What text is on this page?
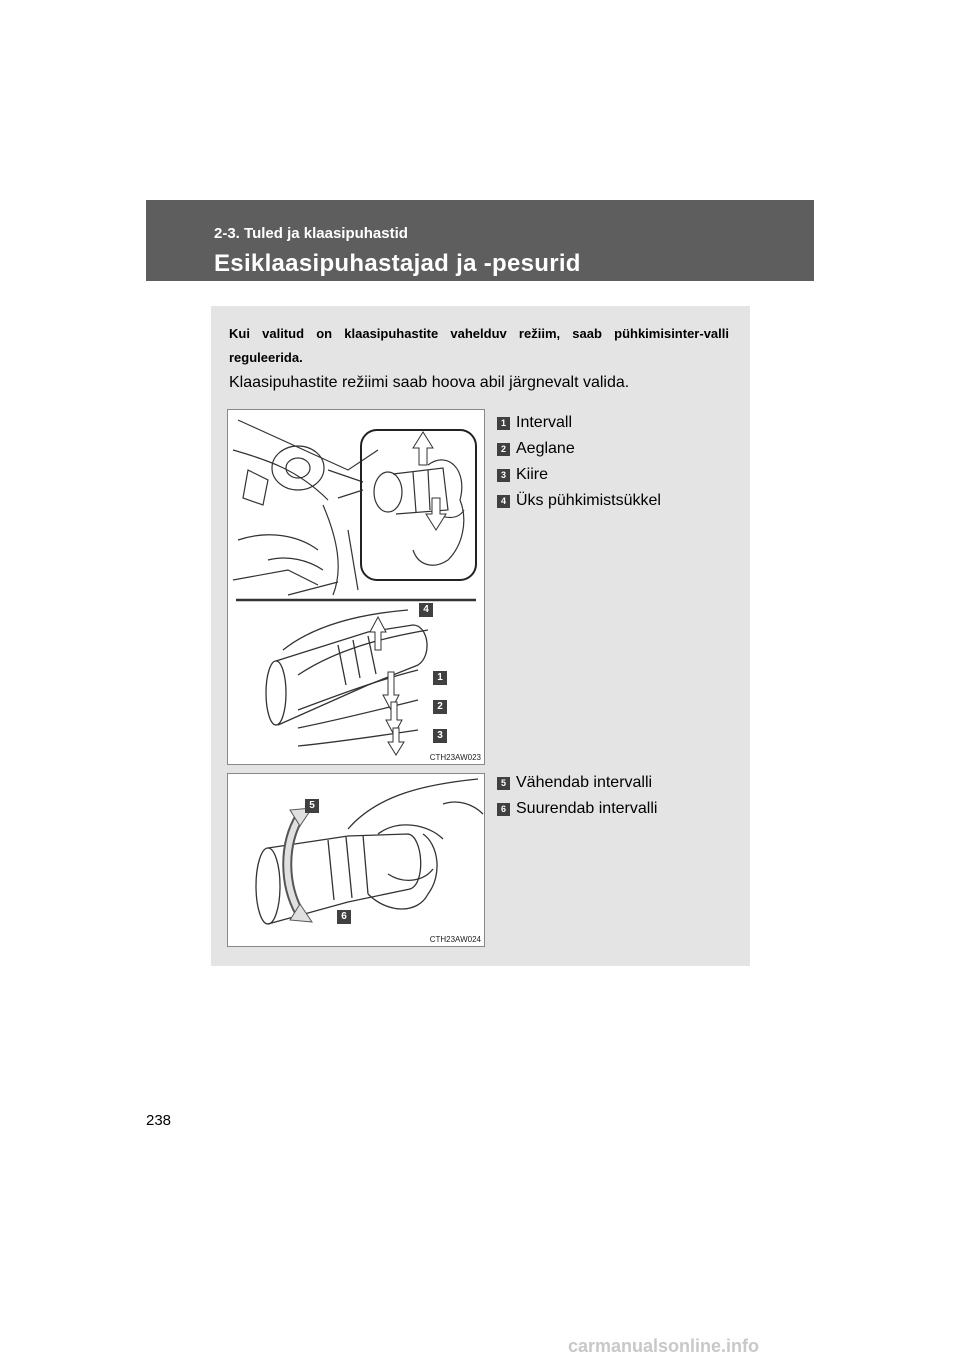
2-3. Tuled ja klaasipuhastid
Esiklaasipuhastajad ja -pesurid

Kui valitud on klaasipuhastite vahelduv režiim, saab pühkimisinter-valli reguleerida.

Klaasipuhastite režiimi saab hoova abil järgnevalt valida.

4
1
2
3
CTH23AW023
1 Intervall
2 Aeglane
3 Kiire
4 Üks pühkimistsükkel
5
6
CTH23AW024
5 Vähendab intervalli
6 Suurendab intervalli
238
carmanualsonline.info
